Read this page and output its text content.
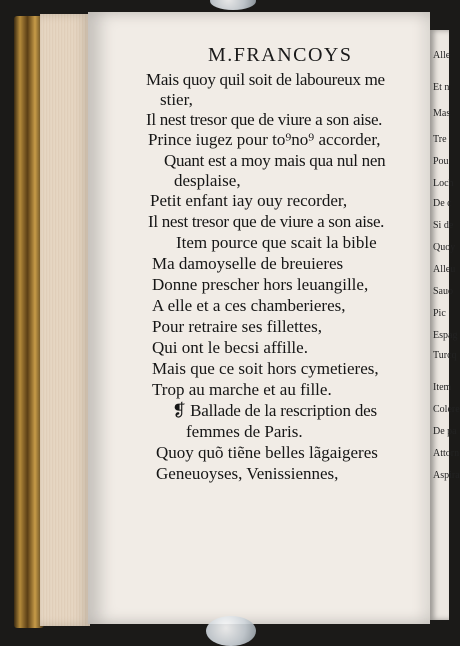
Alle
Et n
Mas
Tre
Pou
Loch
De c
Si de
Quoy
Alleu
Sauo
Pic
Espag
Turcq
Item
Colere
De pa
Attorn
Aspira
M.FRANCOYS
Mais quoy quil soit de laboureux me
stier,
Il nest tresor que de viure a son aise.
Prince iugez pour to⁹no⁹ accorder,
Quant est a moy mais qua nul nen
desplaise,
Petit enfant iay ouy recorder,
Il nest tresor que de viure a son aise.
Item pource que scait la bible
Ma damoyselle de breuieres
Donne prescher hors leuangille,
A elle et a ces chamberieres,
Pour retraire ses fillettes,
Qui ont le becsi affille.
Mais que ce soit hors cymetieres,
Trop au marche et au fille.
❡ Ballade de la rescription des
femmes de Paris.
Quoy quõ tiẽne belles lãgaigeres
Geneuoyses, Venissiennes,
